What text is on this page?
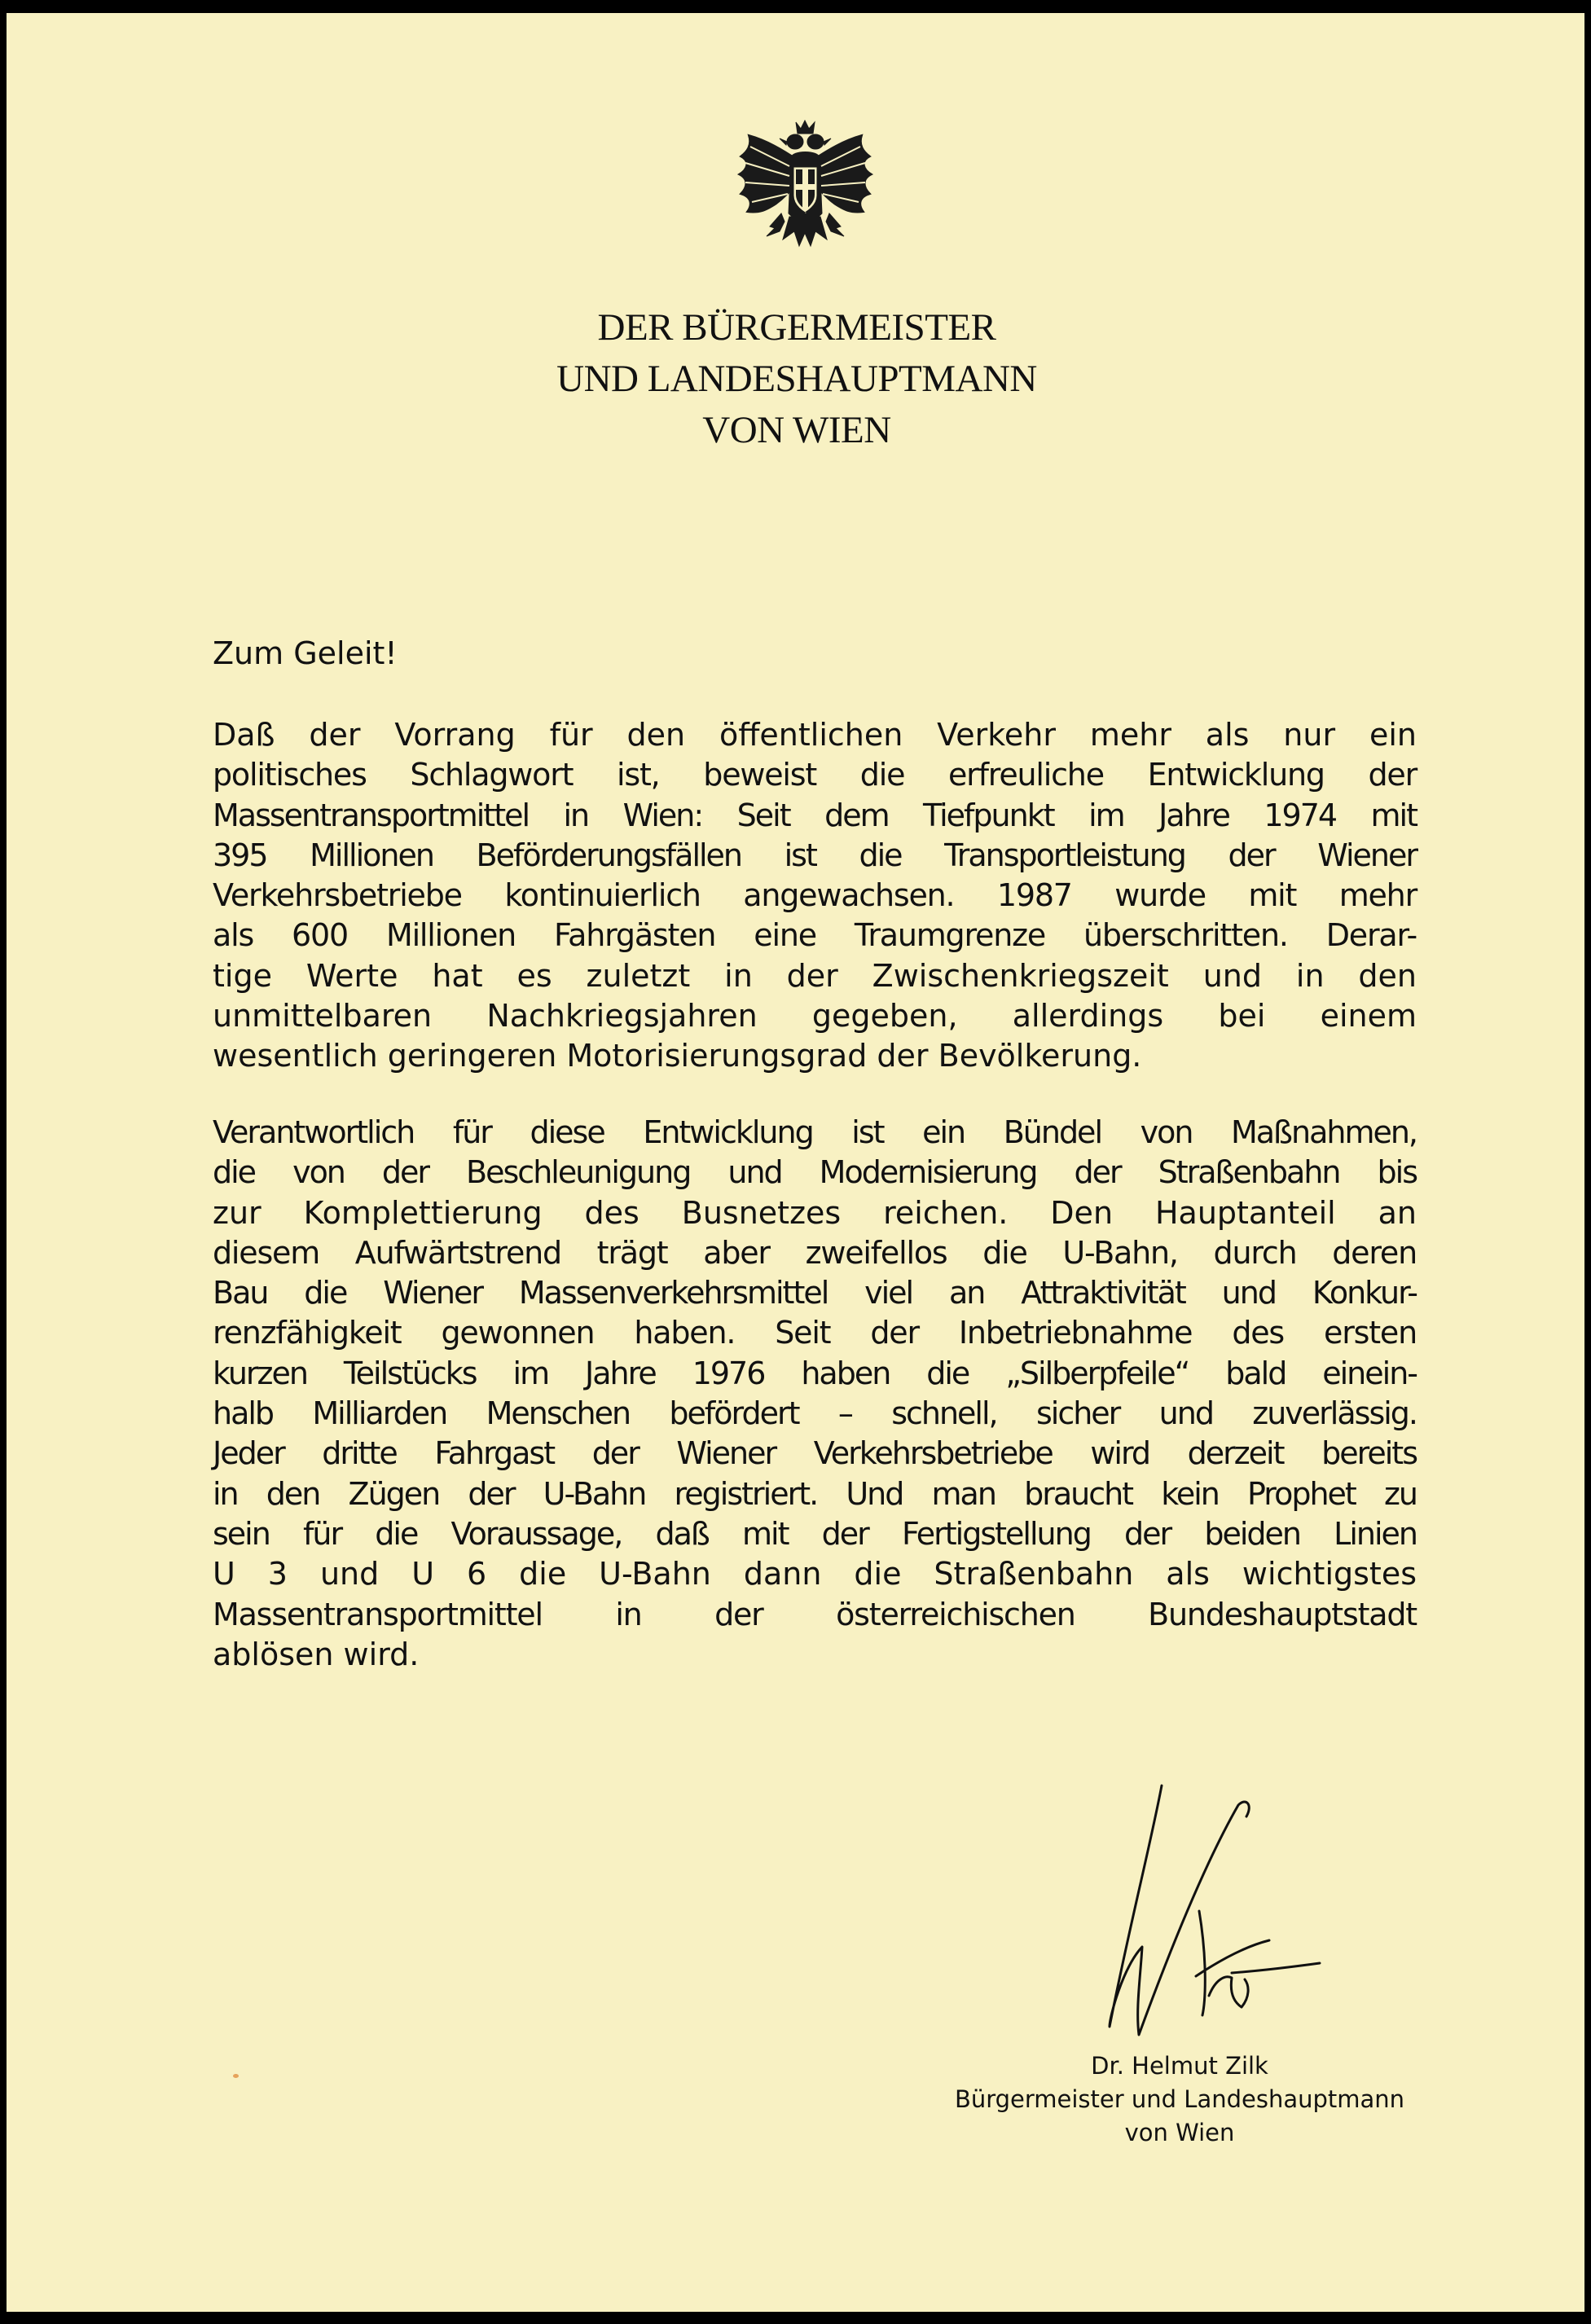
DER BÜRGERMEISTER
UND LANDESHAUPTMANN
VON WIEN
Zum Geleit!
Daß der Vorrang für den öffentlichen Verkehr mehr als nur ein
politisches Schlagwort ist, beweist die erfreuliche Entwicklung der
Massentransportmittel in Wien: Seit dem Tiefpunkt im Jahre 1974 mit
395 Millionen Beförderungsfällen ist die Transportleistung der Wiener
Verkehrsbetriebe kontinuierlich angewachsen. 1987 wurde mit mehr
als 600 Millionen Fahrgästen eine Traumgrenze überschritten. Derar-
tige Werte hat es zuletzt in der Zwischenkriegszeit und in den
unmittelbaren Nachkriegsjahren gegeben, allerdings bei einem
wesentlich geringeren Motorisierungsgrad der Bevölkerung.
Verantwortlich für diese Entwicklung ist ein Bündel von Maßnahmen,
die von der Beschleunigung und Modernisierung der Straßenbahn bis
zur Komplettierung des Busnetzes reichen. Den Hauptanteil an
diesem Aufwärtstrend trägt aber zweifellos die U-Bahn, durch deren
Bau die Wiener Massenverkehrsmittel viel an Attraktivität und Konkur-
renzfähigkeit gewonnen haben. Seit der Inbetriebnahme des ersten
kurzen Teilstücks im Jahre 1976 haben die „Silberpfeile“ bald einein-
halb Milliarden Menschen befördert – schnell, sicher und zuverlässig.
Jeder dritte Fahrgast der Wiener Verkehrsbetriebe wird derzeit bereits
in den Zügen der U-Bahn registriert. Und man braucht kein Prophet zu
sein für die Voraussage, daß mit der Fertigstellung der beiden Linien
U 3 und U 6 die U-Bahn dann die Straßenbahn als wichtigstes
Massentransportmittel in der österreichischen Bundeshauptstadt
ablösen wird.
Dr. Helmut Zilk
Bürgermeister und Landeshauptmann
von Wien
